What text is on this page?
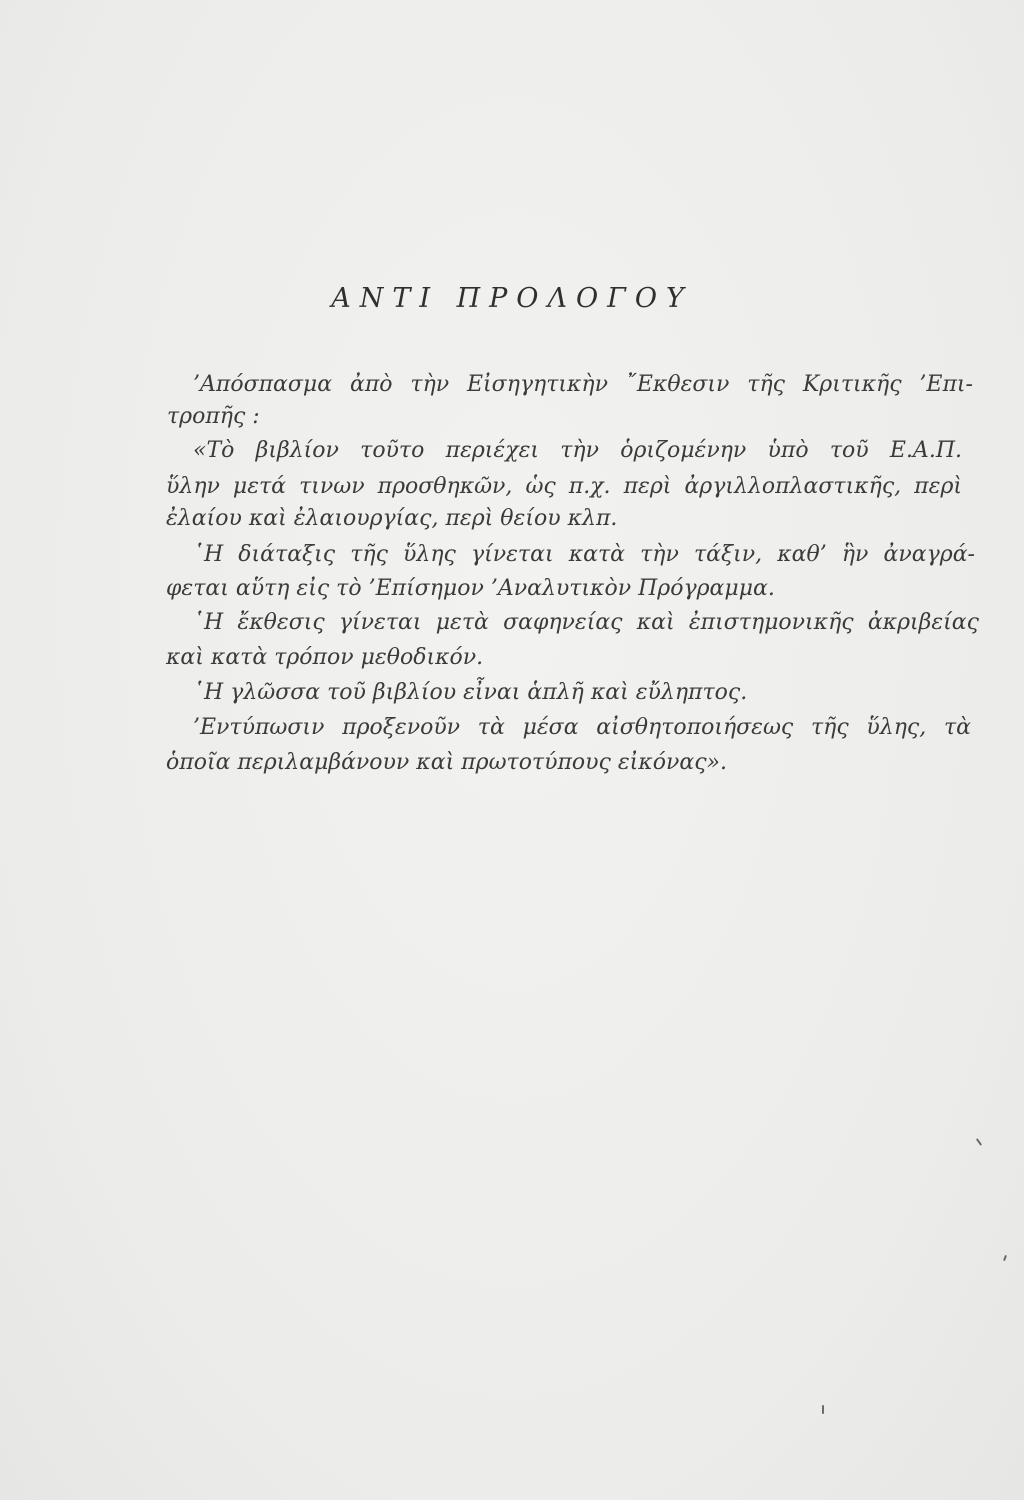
ΑΝΤΙ ΠΡΟΛΟΓΟΥ
’Απόσπασμα ἀπὸ τὴν Εἰσηγητικὴν ῎Εκθεσιν τῆς Κριτικῆς ’Επι-
τροπῆς :
«Τὸ βιβλίον τοῦτο περιέχει τὴν ὁριζομένην ὑπὸ τοῦ Ε.Α.Π.
ὕλην μετά τινων προσθηκῶν, ὡς π.χ. περὶ ἀργιλλοπλαστικῆς, περὶ
ἐλαίου καὶ ἐλαιουργίας, περὶ θείου κλπ.
῾Η διάταξις τῆς ὕλης γίνεται κατὰ τὴν τάξιν, καθ’ ἣν ἀναγρά-
φεται αὕτη εἰς τὸ ’Επίσημον ’Αναλυτικὸν Πρόγραμμα.
῾Η ἔκθεσις γίνεται μετὰ σαφηνείας καὶ ἐπιστημονικῆς ἀκριβείας
καὶ κατὰ τρόπον μεθοδικόν.
῾Η γλῶσσα τοῦ βιβλίου εἶναι ἁπλῆ καὶ εὔληπτος.
’Εντύπωσιν προξενοῦν τὰ μέσα αἰσθητοποιήσεως τῆς ὕλης, τὰ
ὁποῖα περιλαμβάνουν καὶ πρωτοτύπους εἰκόνας».
